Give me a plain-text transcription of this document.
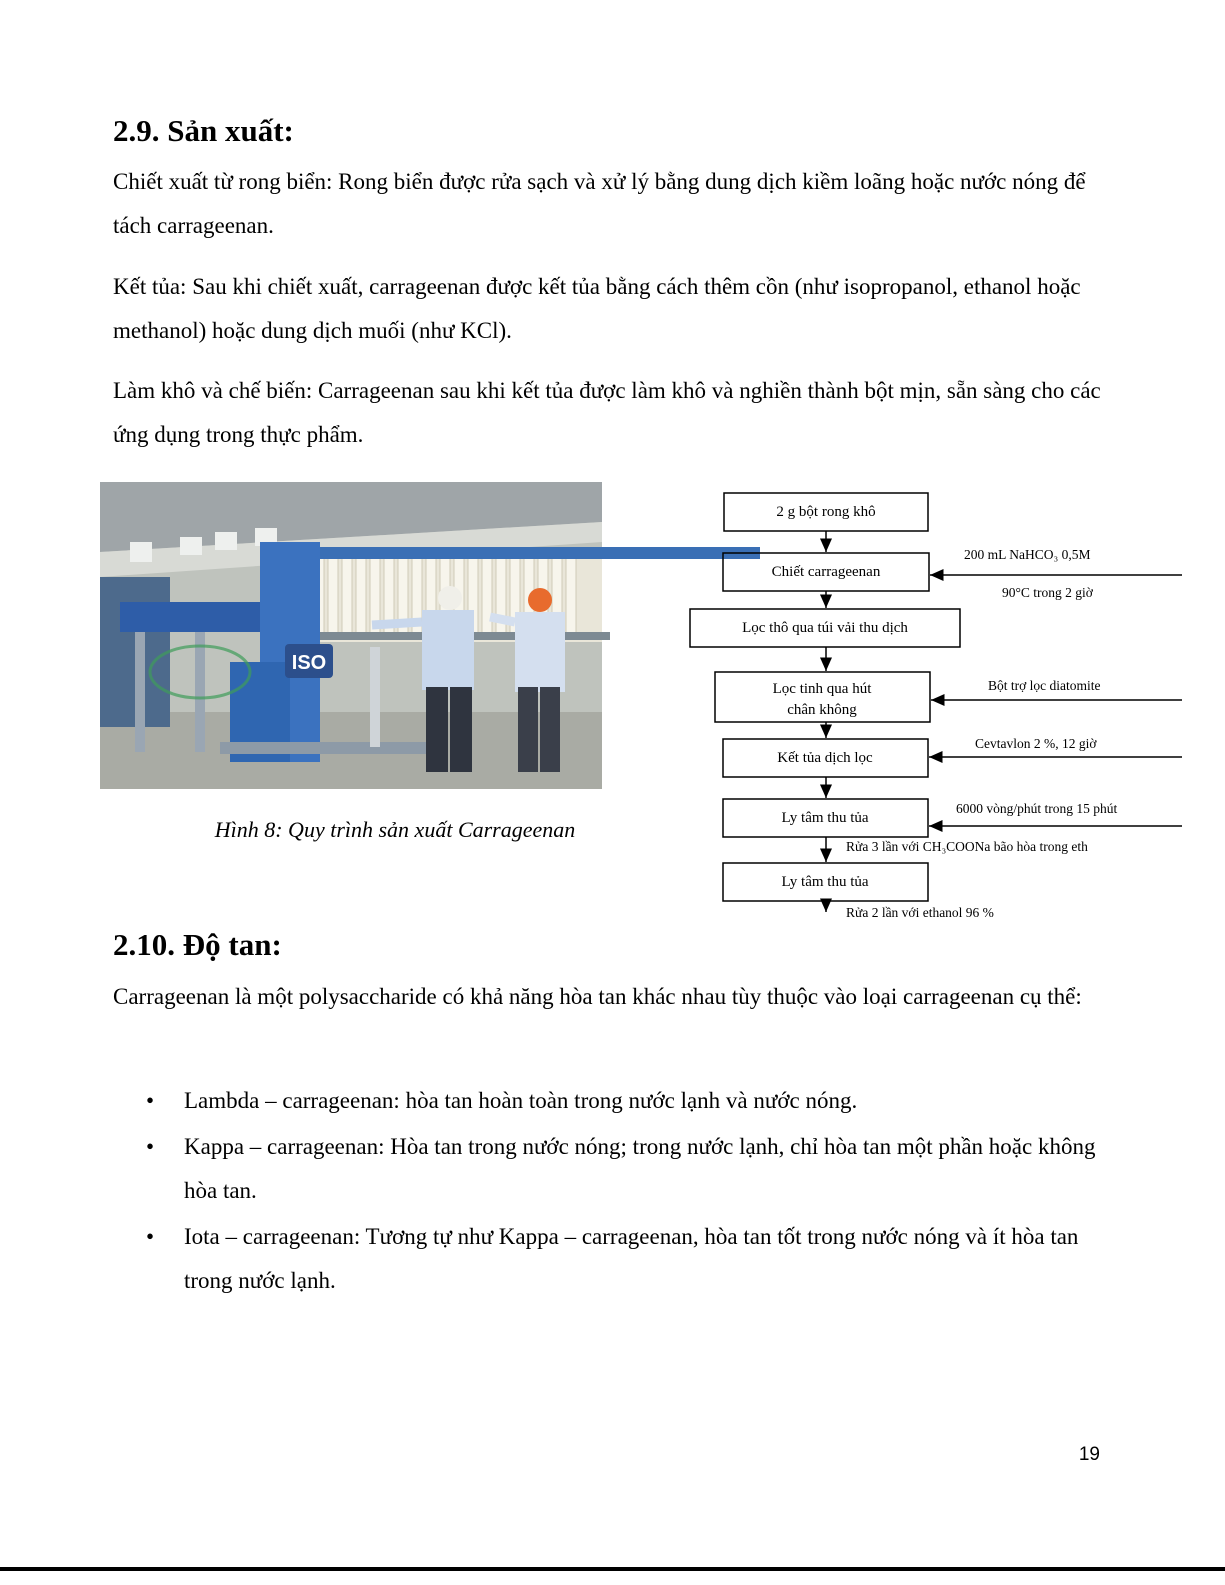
2.9. Sản xuất:

Chiết xuất từ rong biển: Rong biển được rửa sạch và xử lý bằng dung dịch kiềm loãng hoặc nước nóng để tách carrageenan.

Kết tủa: Sau khi chiết xuất, carrageenan được kết tủa bằng cách thêm cồn (như isopropanol, ethanol hoặc methanol) hoặc dung dịch muối (như KCl).

Làm khô và chế biến: Carrageenan sau khi kết tủa được làm khô và nghiền thành bột mịn, sẵn sàng cho các ứng dụng trong thực phẩm.

ISO
Hình 8: Quy trình sản xuất Carrageenan
2 g bột rong khô
Chiết carrageenan
Lọc thô qua túi vải thu dịch
Lọc tinh qua hút
chân không
Kết tủa dịch lọc
Ly tâm thu tủa
Ly tâm thu tủa
200 mL NaHCO₃ 0,5M
90°C trong 2 giờ
Bột trợ lọc diatomite
Cevtavlon 2 %, 12 giờ
6000 vòng/phút trong 15 phút
Rửa 3 lần với CH₃COONa bão hòa trong eth
Rửa 2 lần với ethanol 96 %
2.10. Độ tan:

Carrageenan là một polysaccharide có khả năng hòa tan khác nhau tùy thuộc vào loại carrageenan cụ thể:

• Lambda – carrageenan: hòa tan hoàn toàn trong nước lạnh và nước nóng.
• Kappa – carrageenan: Hòa tan trong nước nóng; trong nước lạnh, chỉ hòa tan một phần hoặc không hòa tan.
• Iota – carrageenan: Tương tự như Kappa – carrageenan, hòa tan tốt trong nước nóng và ít hòa tan trong nước lạnh.
19
